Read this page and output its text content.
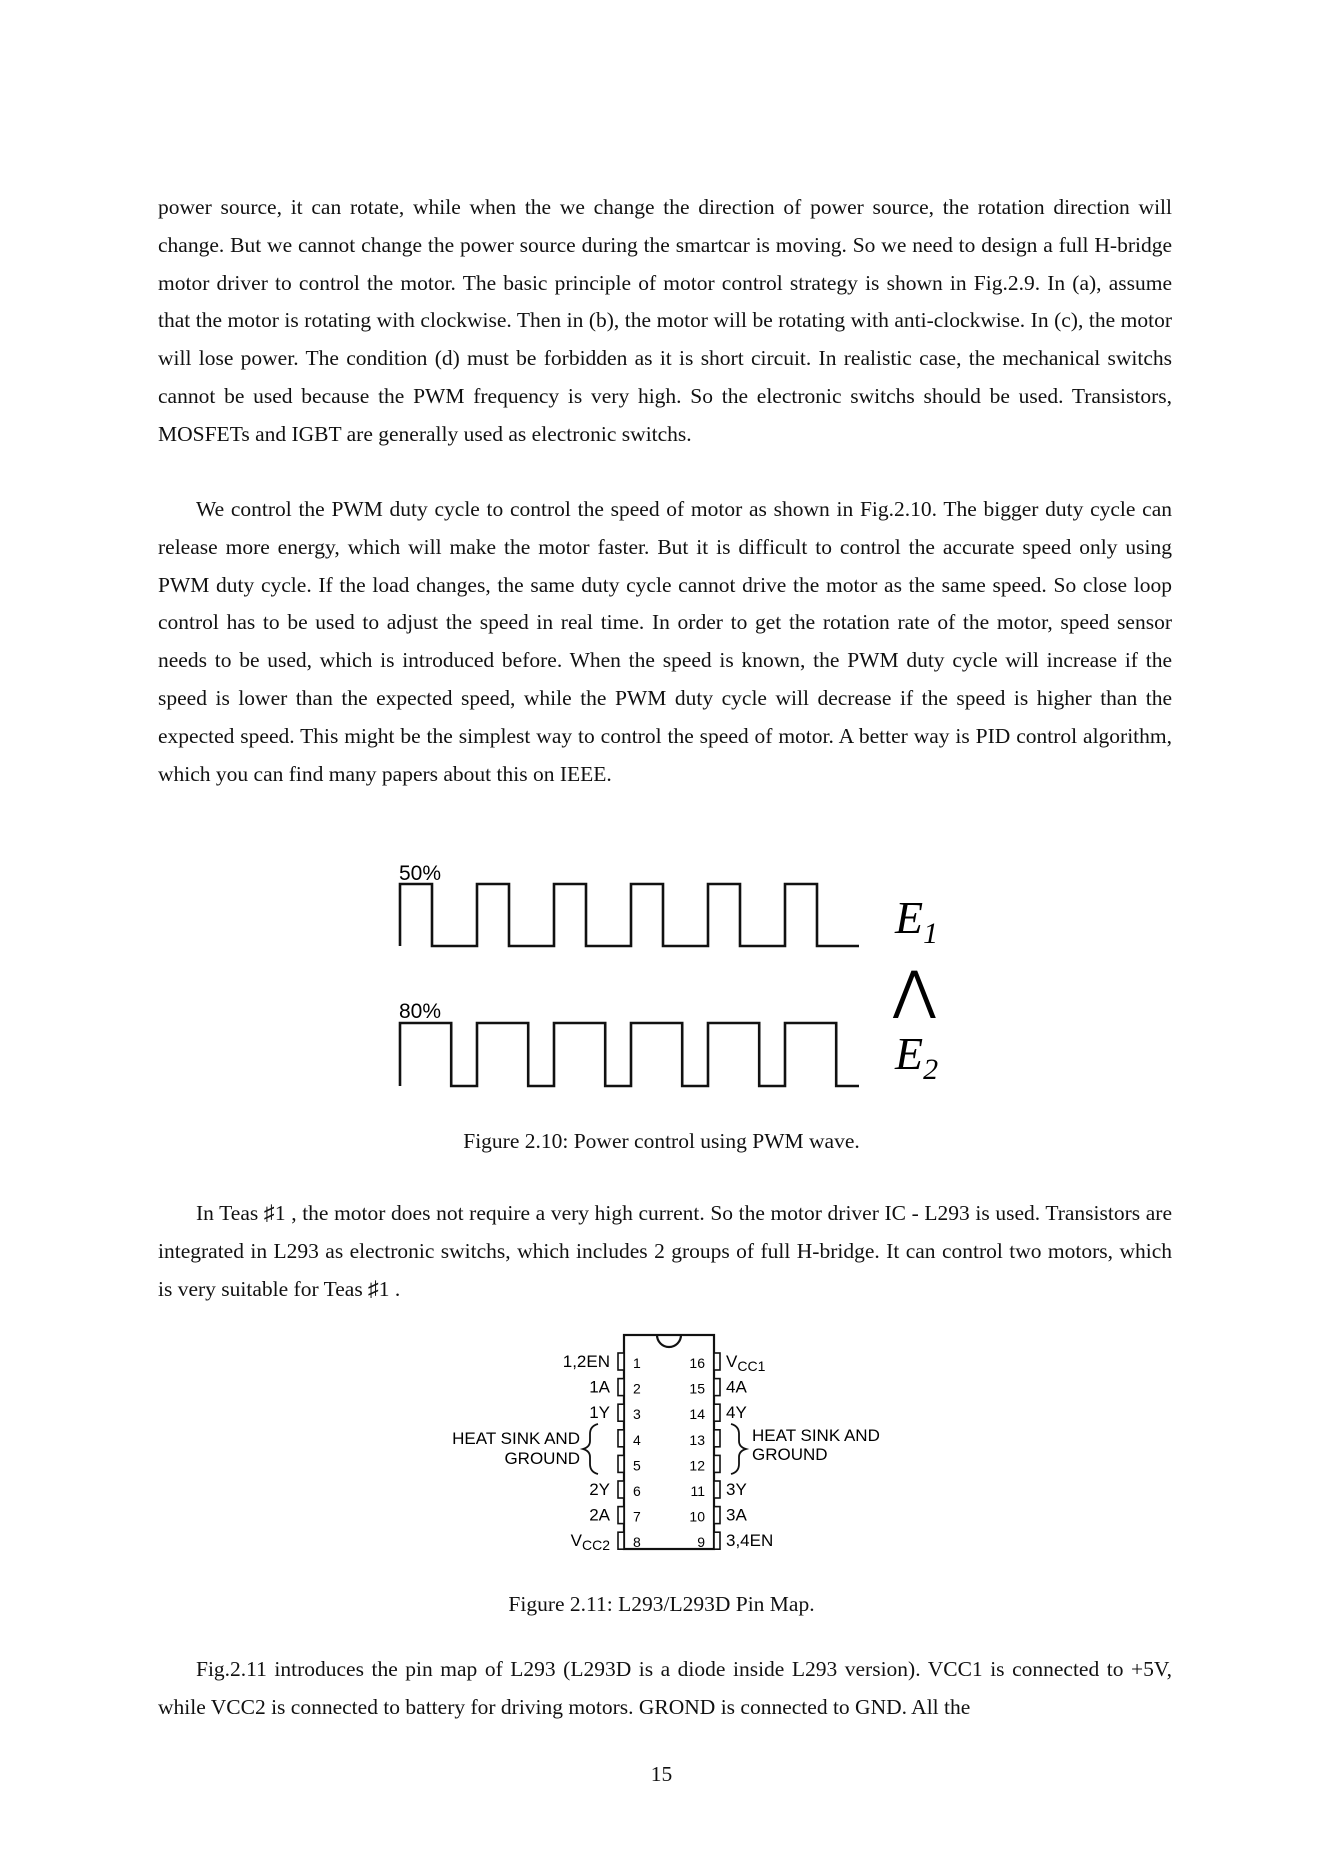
power source, it can rotate, while when the we change the direction of power source, the rotation direction will change. But we cannot change the power source during the smartcar is moving. So we need to design a full H-bridge motor driver to control the motor. The basic principle of motor control strategy is shown in Fig.2.9. In (a), assume that the motor is rotating with clockwise. Then in (b), the motor will be rotating with anti-clockwise. In (c), the motor will lose power. The condition (d) must be forbidden as it is short circuit. In realistic case, the mechanical switchs cannot be used because the PWM frequency is very high. So the electronic switchs should be used. Transistors, MOSFETs and IGBT are generally used as electronic switchs.

We control the PWM duty cycle to control the speed of motor as shown in Fig.2.10. The bigger duty cycle can release more energy, which will make the motor faster. But it is difficult to control the accurate speed only using PWM duty cycle. If the load changes, the same duty cycle cannot drive the motor as the same speed. So close loop control has to be used to adjust the speed in real time. In order to get the rotation rate of the motor, speed sensor needs to be used, which is introduced before. When the speed is known, the PWM duty cycle will increase if the speed is lower than the expected speed, while the PWM duty cycle will decrease if the speed is higher than the expected speed. This might be the simplest way to control the speed of motor. A better way is PID control algorithm, which you can find many papers about this on IEEE.

50%
80%
$E_1$
⋀
$E_2$
Figure 2.10: Power control using PWM wave.

In Teas ♯1 , the motor does not require a very high current. So the motor driver IC - L293 is used. Transistors are integrated in L293 as electronic switchs, which includes 2 groups of full H-bridge. It can control two motors, which is very suitable for Teas ♯1 .

1
1,2EN
2
1A
3
1Y
4
5
6
2Y
7
2A
8
$V_{CC2}$
16 $V_{CC1}$
15 4A
14 4Y
13
12
11 3Y
10 3A
9 3,4EN
HEAT SINK AND
GROUND
HEAT SINK AND
GROUND
Figure 2.11: L293/L293D Pin Map.

Fig.2.11 introduces the pin map of L293 (L293D is a diode inside L293 version). VCC1 is connected to +5V, while VCC2 is connected to battery for driving motors. GROND is connected to GND. All the

15
